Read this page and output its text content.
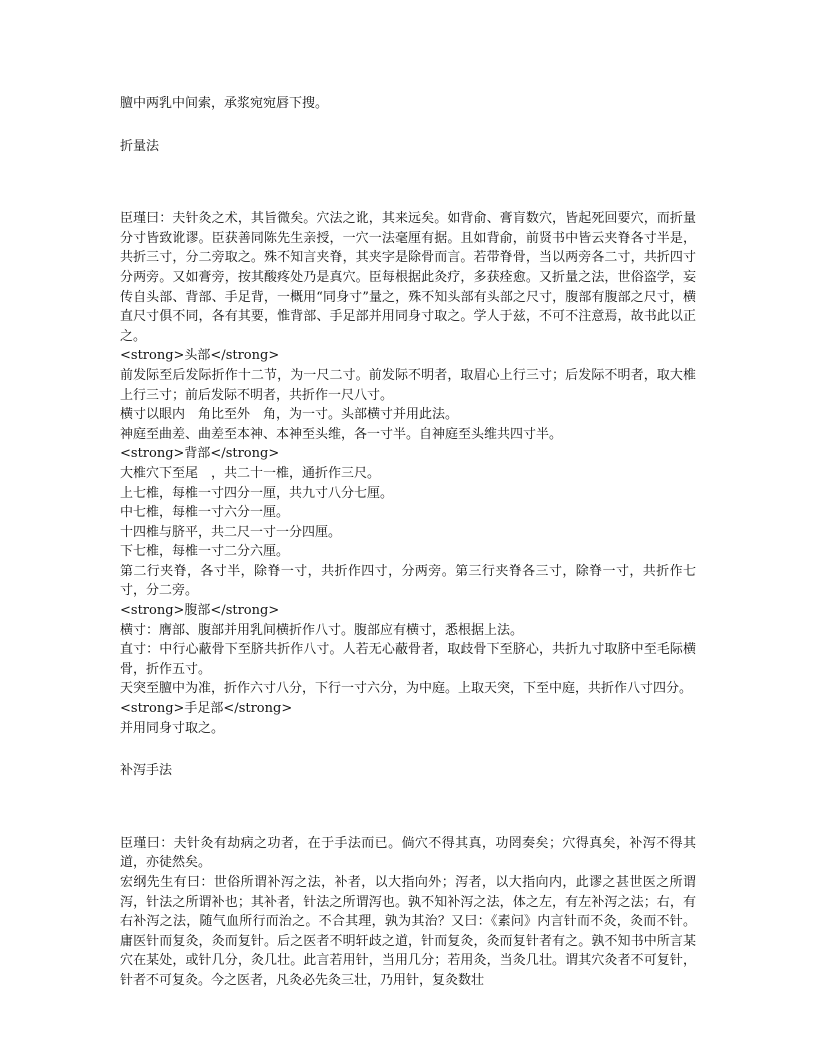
膻中两乳中间索，承浆宛宛唇下搜。
折量法
臣瑾曰：夫针灸之术，其旨微矣。穴法之讹，其来远矣。如背俞、膏肓数穴，皆起死回要穴，而折量分寸皆致讹谬。臣获善同陈先生亲授，一穴一法毫厘有据。且如背俞，前贤书中皆云夹脊各寸半是，共折三寸，分二旁取之。殊不知言夹脊，其夹字是除骨而言。若带脊骨，当以两旁各二寸，共折四寸分两旁。又如膏旁，按其酸疼处乃是真穴。臣每根据此灸疗，多获痊愈。又折量之法，世俗盗学，妄传自头部、背部、手足背，一概用“同身寸”量之，殊不知头部有头部之尺寸，腹部有腹部之尺寸，横直尺寸俱不同，各有其要，惟背部、手足部并用同身寸取之。学人于兹，不可不注意焉，故书此以正之。
<strong>头部</strong>
前发际至后发际折作十二节，为一尺二寸。前发际不明者，取眉心上行三寸；后发际不明者，取大椎上行三寸；前后发际不明者，共折作一尺八寸。
横寸以眼内　角比至外　角，为一寸。头部横寸并用此法。
神庭至曲差、曲差至本神、本神至头维，各一寸半。自神庭至头维共四寸半。
<strong>背部</strong>
大椎穴下至尾　，共二十一椎，通折作三尺。
上七椎，每椎一寸四分一厘，共九寸八分七厘。
中七椎，每椎一寸六分一厘。
十四椎与脐平，共二尺一寸一分四厘。
下七椎，每椎一寸二分六厘。
第二行夹脊，各寸半，除脊一寸，共折作四寸，分两旁。第三行夹脊各三寸，除脊一寸，共折作七寸，分二旁。
<strong>腹部</strong>
横寸：膺部、腹部并用乳间横折作八寸。腹部应有横寸，悉根据上法。
直寸：中行心蔽骨下至脐共折作八寸。人若无心蔽骨者，取歧骨下至脐心，共折九寸取脐中至毛际横骨，折作五寸。
天突至膻中为准，折作六寸八分，下行一寸六分，为中庭。上取天突，下至中庭，共折作八寸四分。
<strong>手足部</strong>
并用同身寸取之。
补泻手法
臣瑾曰：夫针灸有劫病之功者，在于手法而已。倘穴不得其真，功罔奏矣；穴得真矣，补泻不得其道，亦徒然矣。
宏纲先生有曰：世俗所谓补泻之法，补者，以大指向外；泻者，以大指向内，此谬之甚世医之所谓泻，针法之所谓补也；其补者，针法之所谓泻也。孰不知补泻之法，体之左，有左补泻之法；右，有右补泻之法，随气血所行而治之。不合其理，孰为其治？又曰：《素问》内言针而不灸，灸而不针。庸医针而复灸，灸而复针。后之医者不明轩歧之道，针而复灸，灸而复针者有之。孰不知书中所言某穴在某处，或针几分，灸几壮。此言若用针，当用几分；若用灸，当灸几壮。谓其穴灸者不可复针，针者不可复灸。今之医者，凡灸必先灸三壮，乃用针，复灸数壮
